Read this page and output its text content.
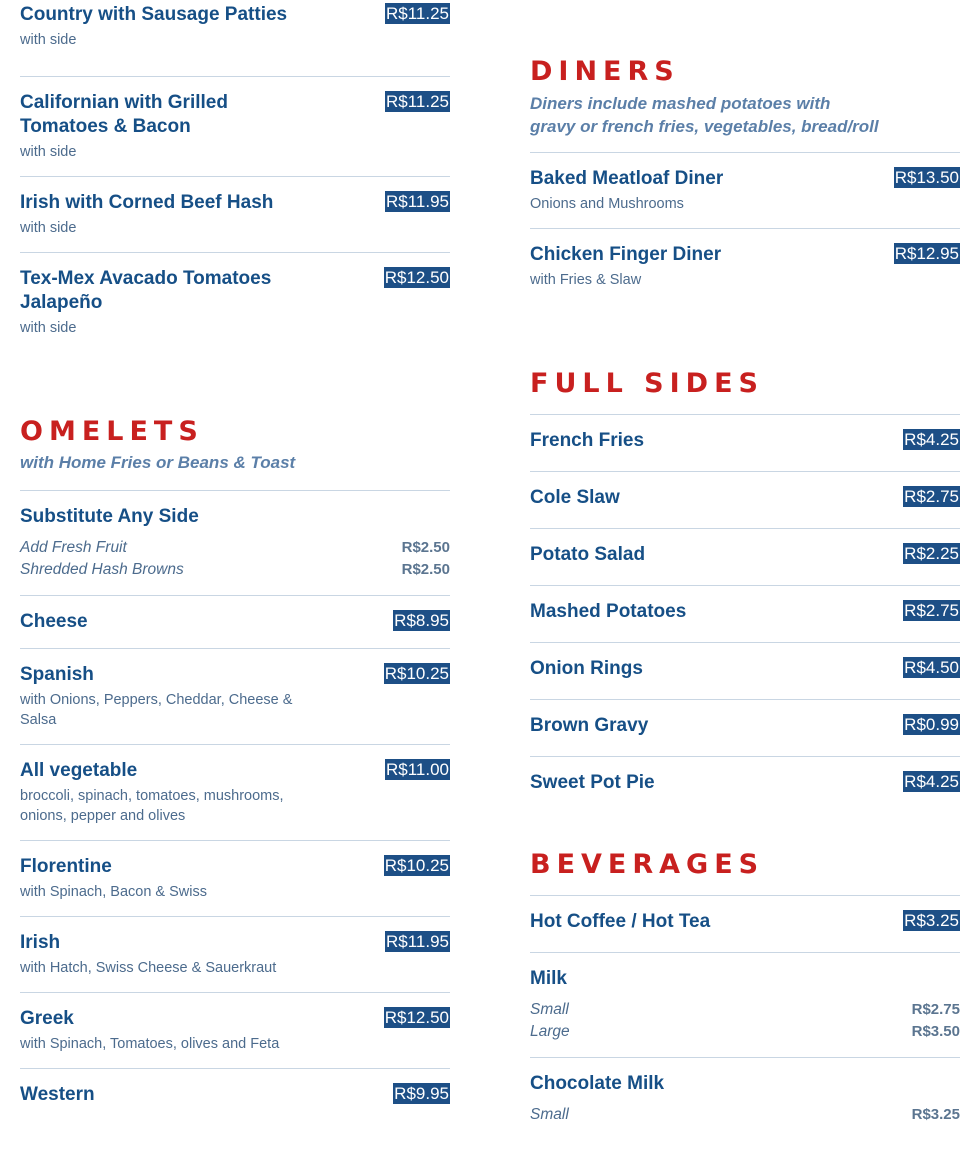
Country with Sausage Patties
with side
R$11.25
Californian with Grilled Tomatoes & Bacon
with side
R$11.25
Irish with Corned Beef Hash
with side
R$11.95
Tex-Mex Avacado Tomatoes Jalapeño
with side
R$12.50
OMELETS
with Home Fries or Beans & Toast
Substitute Any Side
Add Fresh Fruit	R$2.50
Shredded Hash Browns	R$2.50
Cheese	R$8.95
Spanish
with Onions, Peppers, Cheddar, Cheese & Salsa
R$10.25
All vegetable
broccoli, spinach, tomatoes, mushrooms, onions, pepper and olives
R$11.00
Florentine
with Spinach, Bacon & Swiss
R$10.25
Irish
with Hatch, Swiss Cheese & Sauerkraut
R$11.95
Greek
with Spinach, Tomatoes, olives and Feta
R$12.50
Western	R$9.95
DINERS
Diners include mashed potatoes with gravy or french fries, vegetables, bread/roll
Baked Meatloaf Diner
Onions and Mushrooms
R$13.50
Chicken Finger Diner
with Fries & Slaw
R$12.95
FULL SIDES
French Fries	R$4.25
Cole Slaw	R$2.75
Potato Salad	R$2.25
Mashed Potatoes	R$2.75
Onion Rings	R$4.50
Brown Gravy	R$0.99
Sweet Pot Pie	R$4.25
BEVERAGES
Hot Coffee / Hot Tea	R$3.25
Milk
Small	R$2.75
Large	R$3.50
Chocolate Milk
Small	R$3.25
